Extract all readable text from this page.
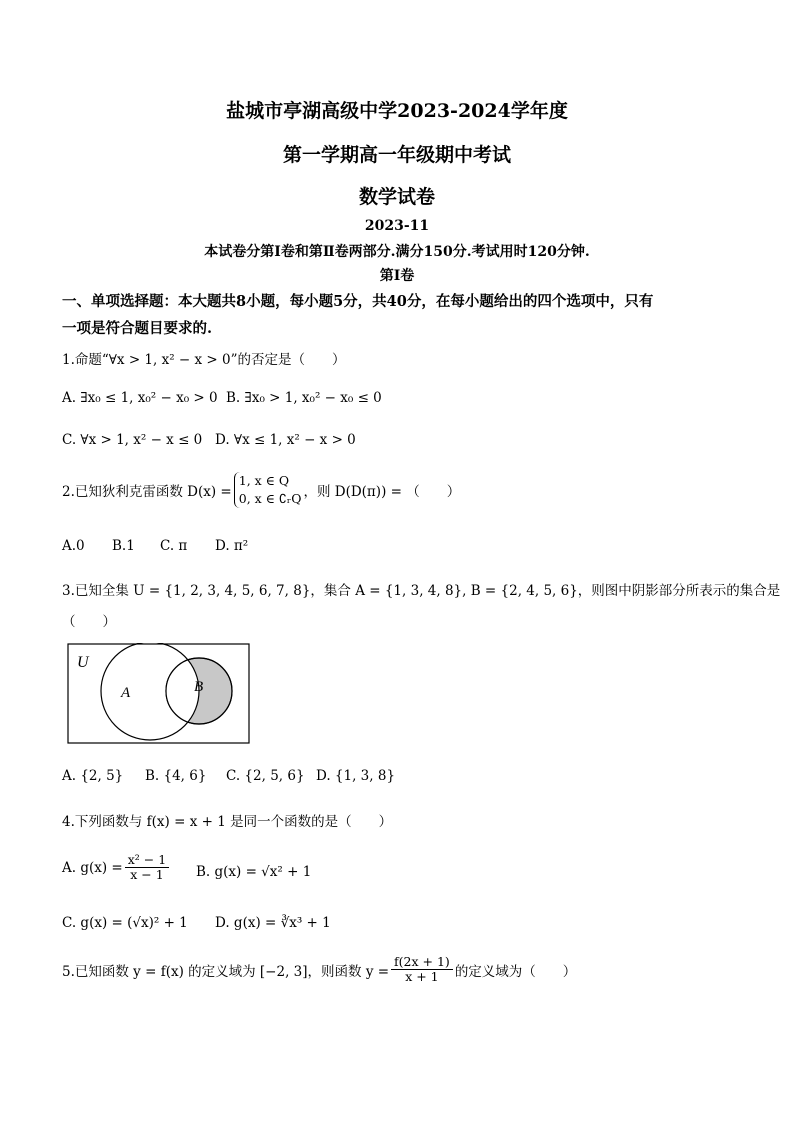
盐城市亭湖高级中学2023-2024学年度
第一学期高一年级期中考试
数学试卷
2023-11
本试卷分第Ⅰ卷和第Ⅱ卷两部分.满分150分.考试用时120分钟.
第Ⅰ卷
一、单项选择题：本大题共8小题，每小题5分，共40分，在每小题给出的四个选项中，只有
一项是符合题目要求的.
1.命题“∀x > 1, x² − x > 0”的否定是（　　）
A. ∃x₀ ≤ 1, x₀² − x₀ > 0 B. ∃x₀ > 1, x₀² − x₀ ≤ 0
C. ∀x > 1, x² − x ≤ 0 D. ∀x ≤ 1, x² − x > 0
2.已知狄利克雷函数 D(x) =
1, x ∈ Q
0, x ∈ ∁ᵣQ ，则 D(D(π)) = （　　）
A.0 B.1 C. π D. π²
3.已知全集 U = {1, 2, 3, 4, 5, 6, 7, 8}，集合 A = {1, 3, 4, 8}, B = {2, 4, 5, 6}，则图中阴影部分所表示的集合是
（　　）
U
A	B
A. {2, 5} B. {4, 6} C. {2, 5, 6} D. {1, 3, 8}
4.下列函数与 f(x) = x + 1 是同一个函数的是（　　）
A. $g(x) = \frac{\text{x² − 1}}{x - 1} B$. g(x) = √x² + 1
C. g(x) = (√x)² + 1 D. g(x) = ∛x³ + 1
5.已知函数 y = f(x) 的定义域为 [−2, 3]，则函数 $y = \frac{f(2x + 1)}{x + 1}$ 的定义域为（　　）
